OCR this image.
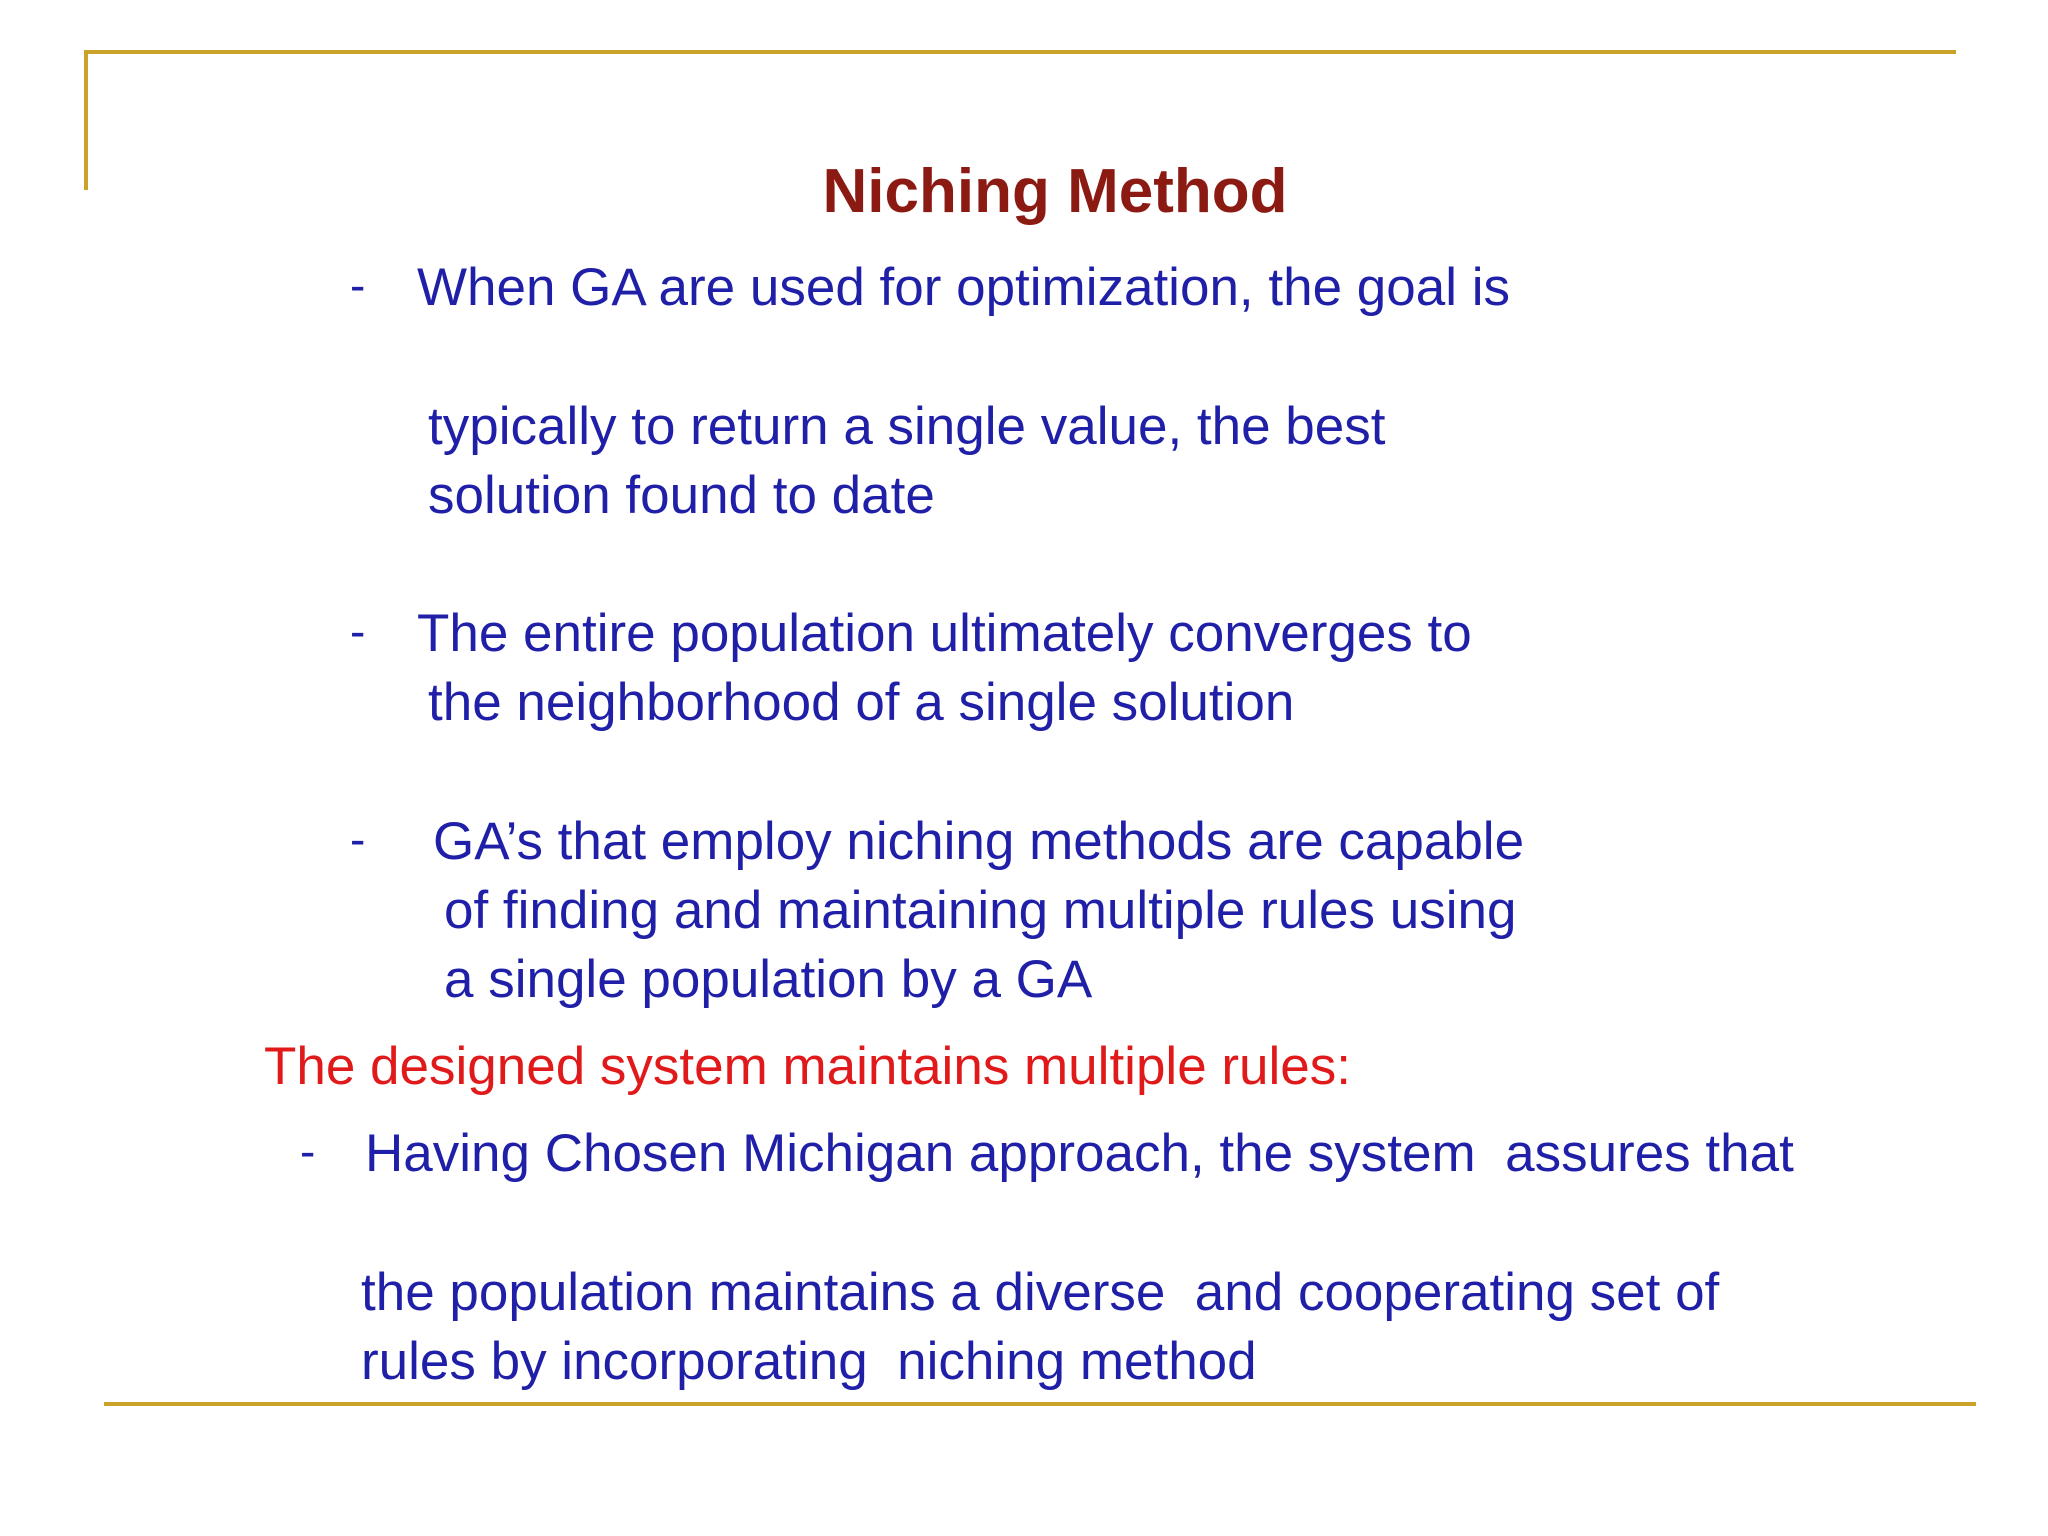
Niching Method
- When GA are used for optimization, the goal is
typically to return a single value, the best
solution found to date
- The entire population ultimately converges to
the neighborhood of a single solution
- GA’s that employ niching methods are capable
of finding and maintaining multiple rules using
a single population by a GA
The designed system maintains multiple rules:
- Having Chosen Michigan approach, the system  assures that
the population maintains a diverse  and cooperating set of
rules by incorporating  niching method
